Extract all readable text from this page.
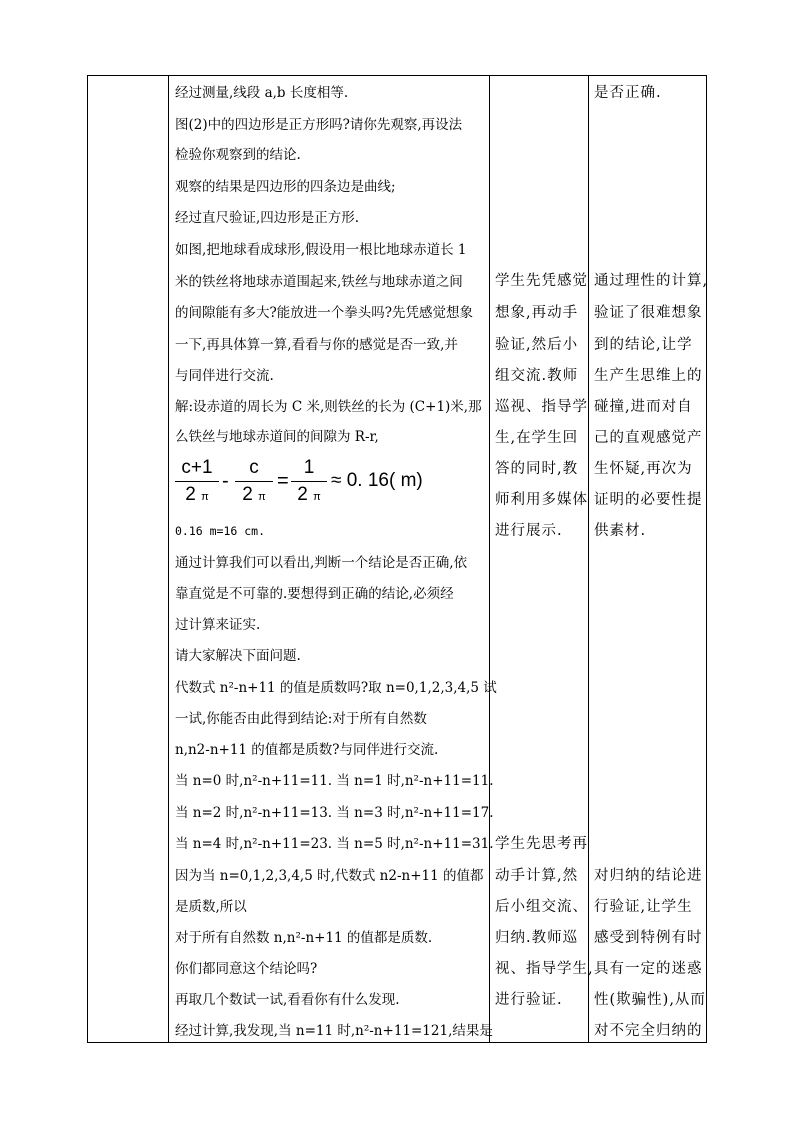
经过测量,线段 a,b 长度相等.
图(2)中的四边形是正方形吗?请你先观察,再设法
检验你观察到的结论.
观察的结果是四边形的四条边是曲线;
经过直尺验证,四边形是正方形.
如图,把地球看成球形,假设用一根比地球赤道长 1
米的铁丝将地球赤道围起来,铁丝与地球赤道之间
的间隙能有多大?能放进一个拳头吗?先凭感觉想象
一下,再具体算一算,看看与你的感觉是否一致,并
与同伴进行交流.
解:设赤道的周长为 C 米,则铁丝的长为 (C+1)米,那
么铁丝与地球赤道间的间隙为 R-r,
c+1
2 π
-
c
2 π
=
1
2 π
≈ 0. 16( m)
0.16 m=16 cm.
通过计算我们可以看出,判断一个结论是否正确,依
靠直觉是不可靠的.要想得到正确的结论,必须经
过计算来证实.
请大家解决下面问题.
代数式 n²-n+11 的值是质数吗?取 n=0,1,2,3,4,5 试
一试,你能否由此得到结论:对于所有自然数
n,n2-n+11 的值都是质数?与同伴进行交流.
当 n=0 时,n²-n+11=11. 当 n=1 时,n²-n+11=11.
当 n=2 时,n²-n+11=13. 当 n=3 时,n²-n+11=17.
当 n=4 时,n²-n+11=23. 当 n=5 时,n²-n+11=31.
因为当 n=0,1,2,3,4,5 时,代数式 n2-n+11 的值都
是质数,所以
对于所有自然数 n,n²-n+11 的值都是质数.
你们都同意这个结论吗?
再取几个数试一试,看看你有什么发现.
经过计算,我发现,当 n=11 时,n²-n+11=121,结果是
学生先凭感觉
想象,再动手
验证,然后小
组交流.教师
巡视、指导学
生,在学生回
答的同时,教
师利用多媒体
进行展示.
学生先思考再
动手计算,然
后小组交流、
归纳.教师巡
视、指导学生,
进行验证.
是否正确.
通过理性的计算,
验证了很难想象
到的结论,让学
生产生思维上的
碰撞,进而对自
己的直观感觉产
生怀疑,再次为
证明的必要性提
供素材.
对归纳的结论进
行验证,让学生
感受到特例有时
具有一定的迷惑
性(欺骗性),从而
对不完全归纳的
